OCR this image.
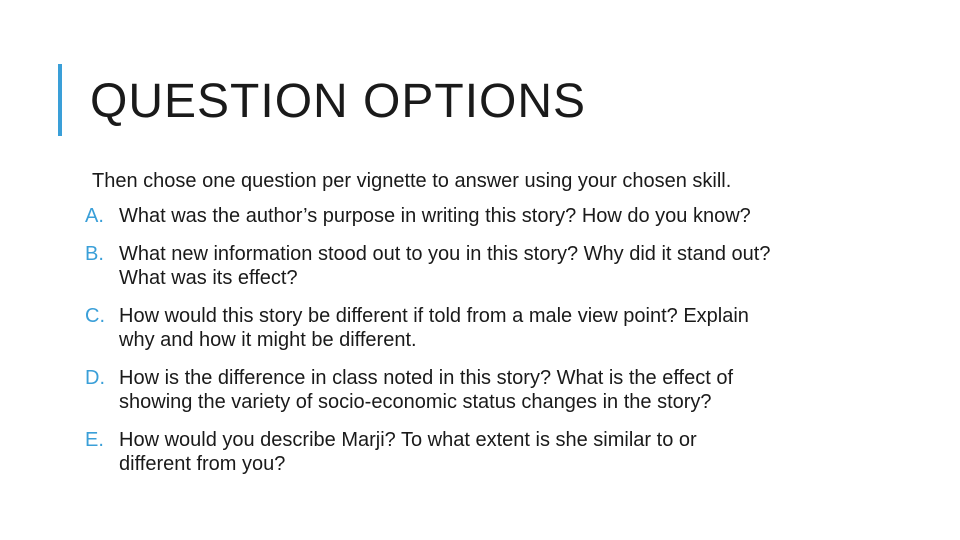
QUESTION OPTIONS
Then chose one question per vignette to answer using your chosen skill.
A. What was the author’s purpose in writing this story? How do you know?
B. What new information stood out to you in this story? Why did it stand out?
What was its effect?
C. How would this story be different if told from a male view point? Explain
why and how it might be different.
D. How is the difference in class noted in this story? What is the effect of
showing the variety of socio-economic status changes in the story?
E. How would you describe Marji? To what extent is she similar to or
different from you?
